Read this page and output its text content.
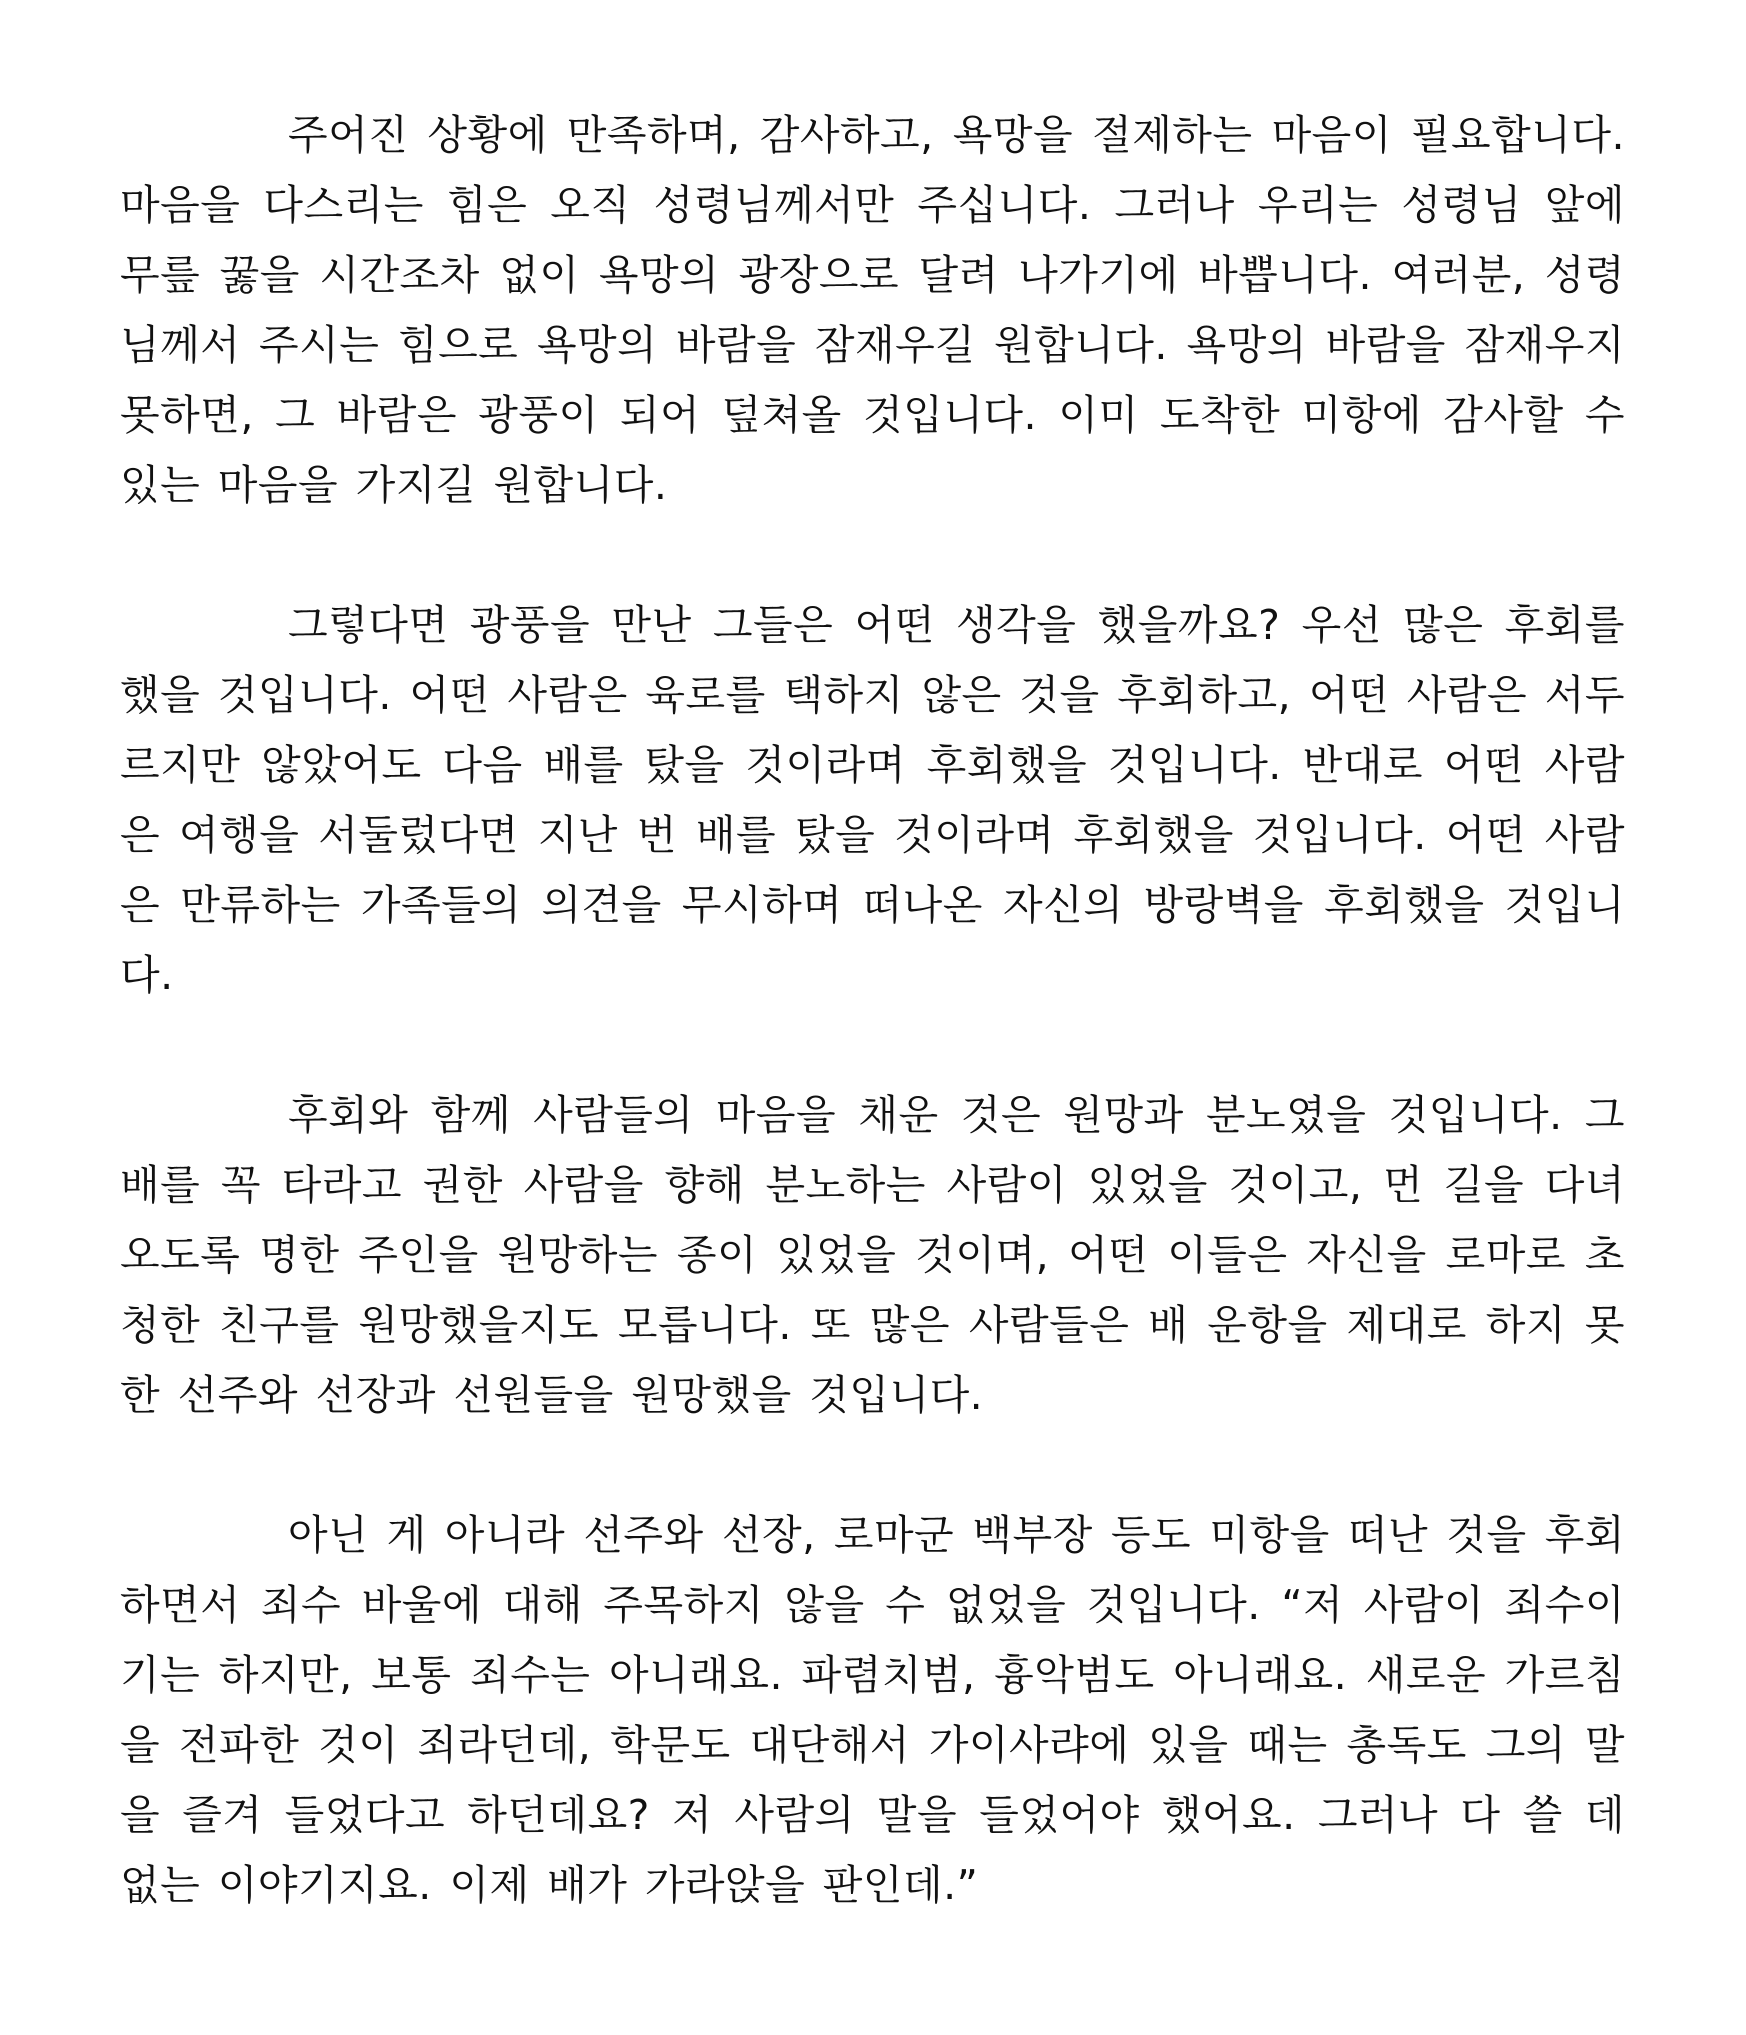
주어진 상황에 만족하며, 감사하고, 욕망을 절제하는 마음이 필요합니다. 마음을 다스리는 힘은 오직 성령님께서만 주십니다. 그러나 우리는 성령님 앞에 무릎 꿇을 시간조차 없이 욕망의 광장으로 달려 나가기에 바쁩니다. 여러분, 성령님께서 주시는 힘으로 욕망의 바람을 잠재우길 원합니다. 욕망의 바람을 잠재우지 못하면, 그 바람은 광풍이 되어 덮쳐올 것입니다. 이미 도착한 미항에 감사할 수 있는 마음을 가지길 원합니다.

그렇다면 광풍을 만난 그들은 어떤 생각을 했을까요? 우선 많은 후회를 했을 것입니다. 어떤 사람은 육로를 택하지 않은 것을 후회하고, 어떤 사람은 서두르지만 않았어도 다음 배를 탔을 것이라며 후회했을 것입니다. 반대로 어떤 사람은 여행을 서둘렀다면 지난 번 배를 탔을 것이라며 후회했을 것입니다. 어떤 사람은 만류하는 가족들의 의견을 무시하며 떠나온 자신의 방랑벽을 후회했을 것입니다.

후회와 함께 사람들의 마음을 채운 것은 원망과 분노였을 것입니다. 그 배를 꼭 타라고 권한 사람을 향해 분노하는 사람이 있었을 것이고, 먼 길을 다녀오도록 명한 주인을 원망하는 종이 있었을 것이며, 어떤 이들은 자신을 로마로 초청한 친구를 원망했을지도 모릅니다. 또 많은 사람들은 배 운항을 제대로 하지 못한 선주와 선장과 선원들을 원망했을 것입니다.

아닌 게 아니라 선주와 선장, 로마군 백부장 등도 미항을 떠난 것을 후회하면서 죄수 바울에 대해 주목하지 않을 수 없었을 것입니다. “저 사람이 죄수이기는 하지만, 보통 죄수는 아니래요. 파렴치범, 흉악범도 아니래요. 새로운 가르침을 전파한 것이 죄라던데, 학문도 대단해서 가이사랴에 있을 때는 총독도 그의 말을 즐겨 들었다고 하던데요? 저 사람의 말을 들었어야 했어요. 그러나 다 쓸 데 없는 이야기지요. 이제 배가 가라앉을 판인데.”
